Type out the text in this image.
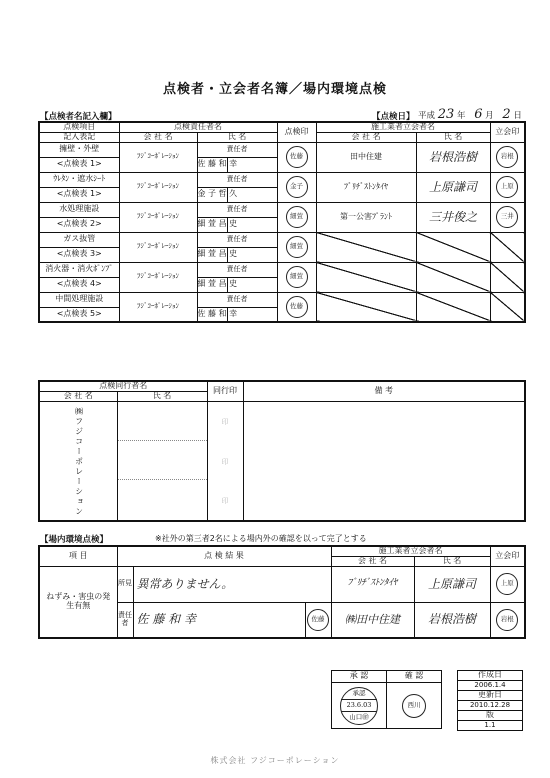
点検者・立会者名簿／場内環境点検
【点検者名記入欄】	【点検日】 平成 23 年 6 月 2 日
点検項目	点検責任者名		点検印	施工業者立会者名		立会印
記入表記	会 社 名	氏 名		会 社 名	氏 名	
擁壁・外壁	ﾌｼﾞｺｰﾎﾟﾚｰｼｮﾝ	責任者	佐藤	田中住建	岩根浩樹	岩根

<点検表 1>		佐 藤 和 幸				
ｳﾚﾀﾝ・遮水ｼｰﾄ	ﾌｼﾞｺｰﾎﾟﾚｰｼｮﾝ	責任者	金子	ﾌﾞﾘﾁﾞｽﾄﾝﾀｲﾔ	上原謙司	上原

<点検表 1>		金 子 哲 久				
水処理施設	ﾌｼﾞｺｰﾎﾟﾚｰｼｮﾝ	責任者	細萱	第一公害ﾌﾟﾗﾝﾄ	三井俊之	三井

<点検表 2>		細 萱 昌 史				
ガス抜管	ﾌｼﾞｺｰﾎﾟﾚｰｼｮﾝ	責任者	細萱			

<点検表 3>		細 萱 昌 史				
消火器・消火ﾎﾟﾝﾌﾟ	ﾌｼﾞｺｰﾎﾟﾚｰｼｮﾝ	責任者	細萱			

<点検表 4>		細 萱 昌 史				
中間処理施設	ﾌｼﾞｺｰﾎﾟﾚｰｼｮﾝ	責任者	佐藤			

<点検表 5>		佐 藤 和 幸				
点検同行者名		同行印	備 考
会 社 名	氏 名		

㈱フジコーポレーション		印
印
印	

【場内環境点検】	※社外の第三者2名による場内外の確認を以って完了とする
項 目	点 検 結 果			施工業者立会者名		立会印
				会 社 名	氏 名	
ねずみ・害虫の発生有無	所見	異常ありません。		ﾌﾞﾘﾁﾞｽﾄﾝﾀｲﾔ	上原謙司	上原

	責任者	佐 藤 和 幸	佐藤	㈱田中住建	岩根浩樹	岩根
承 認	確 認

承認
23.6.03
山口㊞	西川
作成日
2006.1.4
更新日
2010.12.28
版
1.1
株式会社 フジコーポレーション
